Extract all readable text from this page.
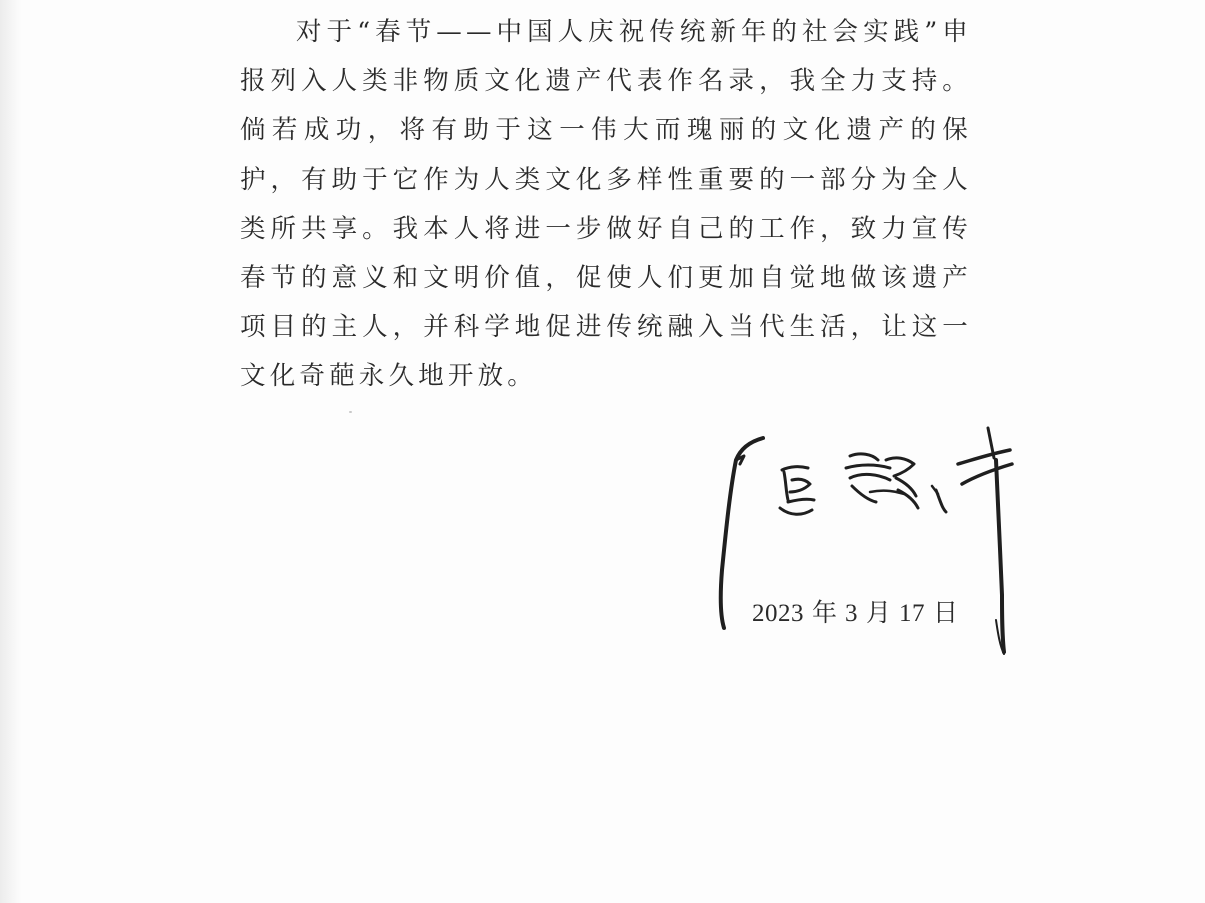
对于“春节——中国人庆祝传统新年的社会实践”申报列入人类非物质文化遗产代表作名录，我全力支持。倘若成功，将有助于这一伟大而瑰丽的文化遗产的保护，有助于它作为人类文化多样性重要的一部分为全人类所共享。我本人将进一步做好自己的工作，致力宣传春节的意义和文明价值，促使人们更加自觉地做该遗产项目的主人，并科学地促进传统融入当代生活，让这一文化奇葩永久地开放。

2023 年 3 月 17 日
